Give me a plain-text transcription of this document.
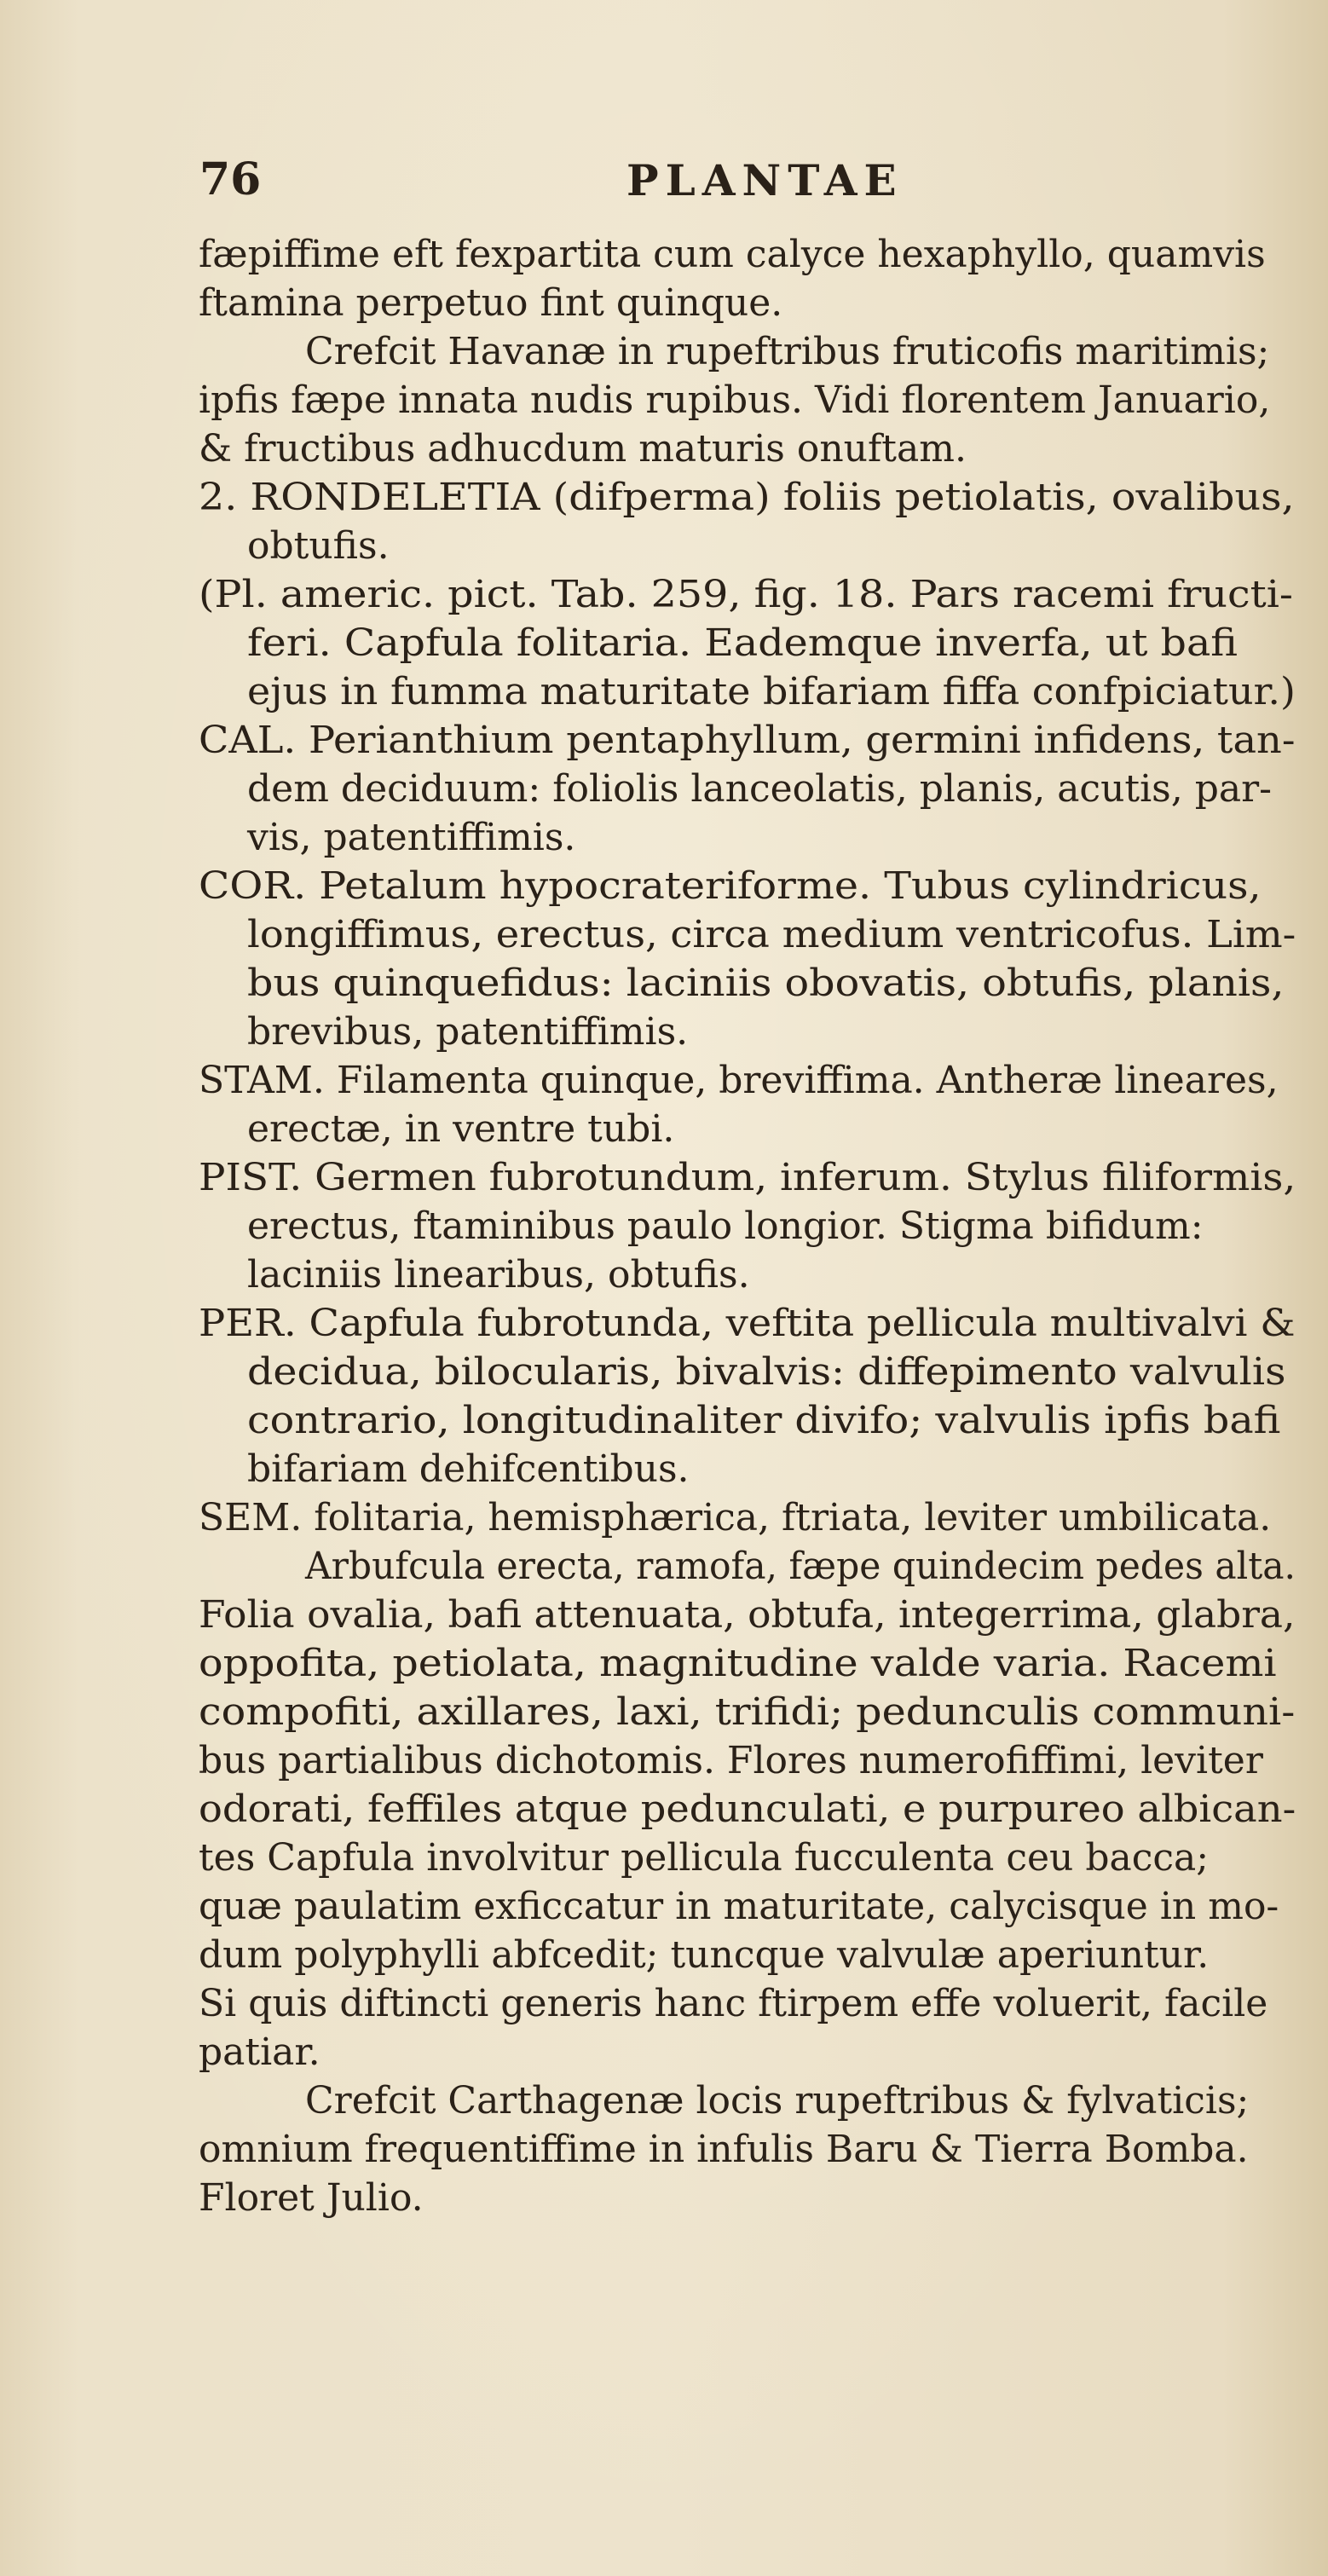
76	PLANTAE
fæpiffime eft fexpartita cum calyce hexaphyllo, quamvis
ftamina perpetuo fint quinque.
Crefcit Havanæ in rupeftribus fruticofis maritimis;
ipfis fæpe innata nudis rupibus. Vidi florentem Januario,
& fructibus adhucdum maturis onuftam.
2. RONDELETIA (difperma) foliis petiolatis, ovalibus,
obtufis.
(Pl. americ. pict. Tab. 259, fig. 18. Pars racemi fructi-
feri. Capfula folitaria. Eademque inverfa, ut bafi
ejus in fumma maturitate bifariam fiffa confpiciatur.)
CAL. Perianthium pentaphyllum, germini infidens, tan-
dem deciduum: foliolis lanceolatis, planis, acutis, par-
vis, patentiffimis.
COR. Petalum hypocrateriforme. Tubus cylindricus,
longiffimus, erectus, circa medium ventricofus. Lim-
bus quinquefidus: laciniis obovatis, obtufis, planis,
brevibus, patentiffimis.
STAM. Filamenta quinque, breviffima. Antheræ lineares,
erectæ, in ventre tubi.
PIST. Germen fubrotundum, inferum. Stylus filiformis,
erectus, ftaminibus paulo longior. Stigma bifidum:
laciniis linearibus, obtufis.
PER. Capfula fubrotunda, veftita pellicula multivalvi &
decidua, bilocularis, bivalvis: diffepimento valvulis
contrario, longitudinaliter divifo; valvulis ipfis bafi
bifariam dehifcentibus.
SEM. folitaria, hemisphærica, ftriata, leviter umbilicata.
Arbufcula erecta, ramofa, fæpe quindecim pedes alta.
Folia ovalia, bafi attenuata, obtufa, integerrima, glabra,
oppofita, petiolata, magnitudine valde varia. Racemi
compofiti, axillares, laxi, trifidi; pedunculis communi-
bus partialibus dichotomis. Flores numerofiffimi, leviter
odorati, feffiles atque pedunculati, e purpureo albican-
tes Capfula involvitur pellicula fucculenta ceu bacca;
quæ paulatim exficcatur in maturitate, calycisque in mo-
dum polyphylli abfcedit; tuncque valvulæ aperiuntur.
Si quis diftincti generis hanc ftirpem effe voluerit, facile
patiar.
Crefcit Carthagenæ locis rupeftribus & fylvaticis;
omnium frequentiffime in infulis Baru & Tierra Bomba.
Floret Julio.
